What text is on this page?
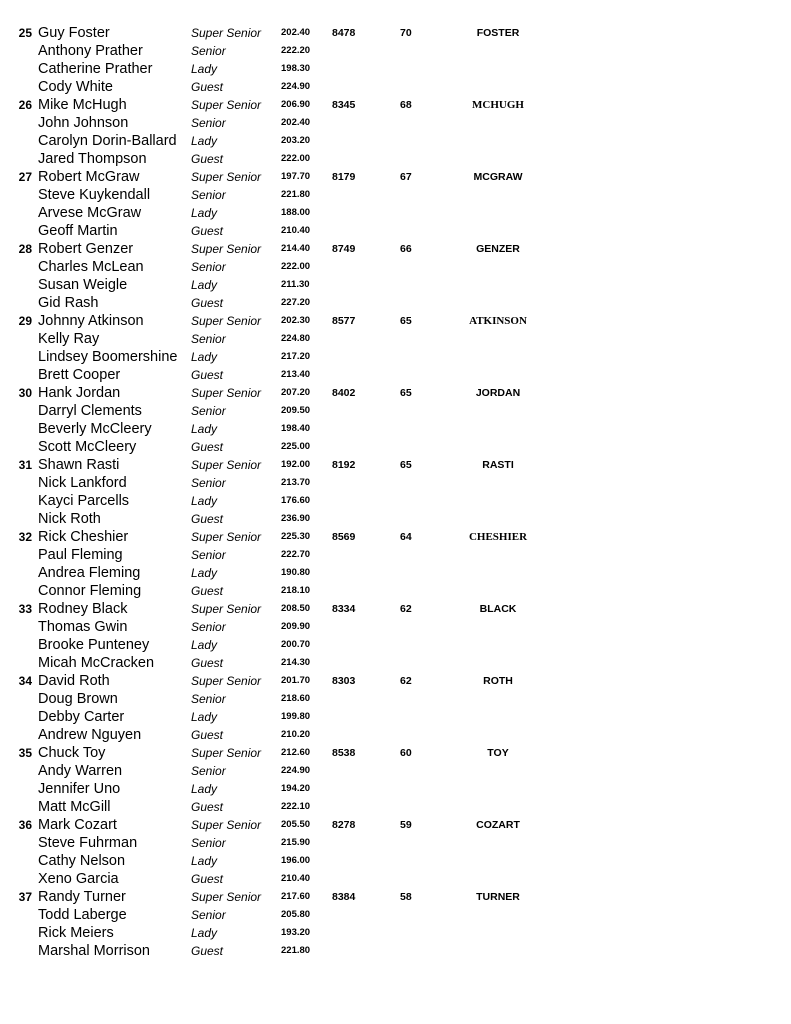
25 Guy Foster	Super Senior 202.40 8478	70	FOSTER
Anthony Prather	Senior	222.20
Catherine Prather	Lady	198.30
Cody White	Guest	224.90
26 Mike McHugh	Super Senior 206.90 8345	68	MCHUGH
John Johnson	Senior	202.40
Carolyn Dorin-Ballard Lady	203.20
Jared Thompson	Guest	222.00
27 Robert McGraw	Super Senior 197.70 8179	67	MCGRAW
Steve Kuykendall	Senior	221.80
Arvese McGraw	Lady	188.00
Geoff Martin	Guest	210.40
28 Robert Genzer	Super Senior 214.40 8749	66	GENZER
Charles McLean	Senior	222.00
Susan Weigle	Lady	211.30
Gid Rash	Guest	227.20
29 Johnny Atkinson	Super Senior 202.30 8577	65	ATKINSON
Kelly Ray	Senior	224.80
Lindsey Boomershine Lady	217.20
Brett Cooper	Guest	213.40
30 Hank Jordan	Super Senior 207.20 8402	65	JORDAN
Darryl Clements	Senior	209.50
Beverly McCleery	Lady	198.40
Scott McCleery	Guest	225.00
31 Shawn Rasti	Super Senior 192.00 8192	65	RASTI
Nick Lankford	Senior	213.70
Kayci Parcells	Lady	176.60
Nick Roth	Guest	236.90
32 Rick Cheshier	Super Senior 225.30 8569	64	CHESHIER
Paul Fleming	Senior	222.70
Andrea Fleming	Lady	190.80
Connor Fleming	Guest	218.10
33 Rodney Black	Super Senior 208.50 8334	62	BLACK
Thomas Gwin	Senior	209.90
Brooke Punteney	Lady	200.70
Micah McCracken	Guest	214.30
34 David Roth	Super Senior 201.70 8303	62	ROTH
Doug Brown	Senior	218.60
Debby Carter	Lady	199.80
Andrew Nguyen	Guest	210.20
35 Chuck Toy	Super Senior 212.60 8538	60	TOY
Andy Warren	Senior	224.90
Jennifer Uno	Lady	194.20
Matt McGill	Guest	222.10
36 Mark Cozart	Super Senior 205.50 8278	59	COZART
Steve Fuhrman	Senior	215.90
Cathy Nelson	Lady	196.00
Xeno Garcia	Guest	210.40
37 Randy Turner	Super Senior 217.60 8384	58	TURNER
Todd Laberge	Senior	205.80
Rick Meiers	Lady	193.20
Marshal Morrison	Guest	221.80
